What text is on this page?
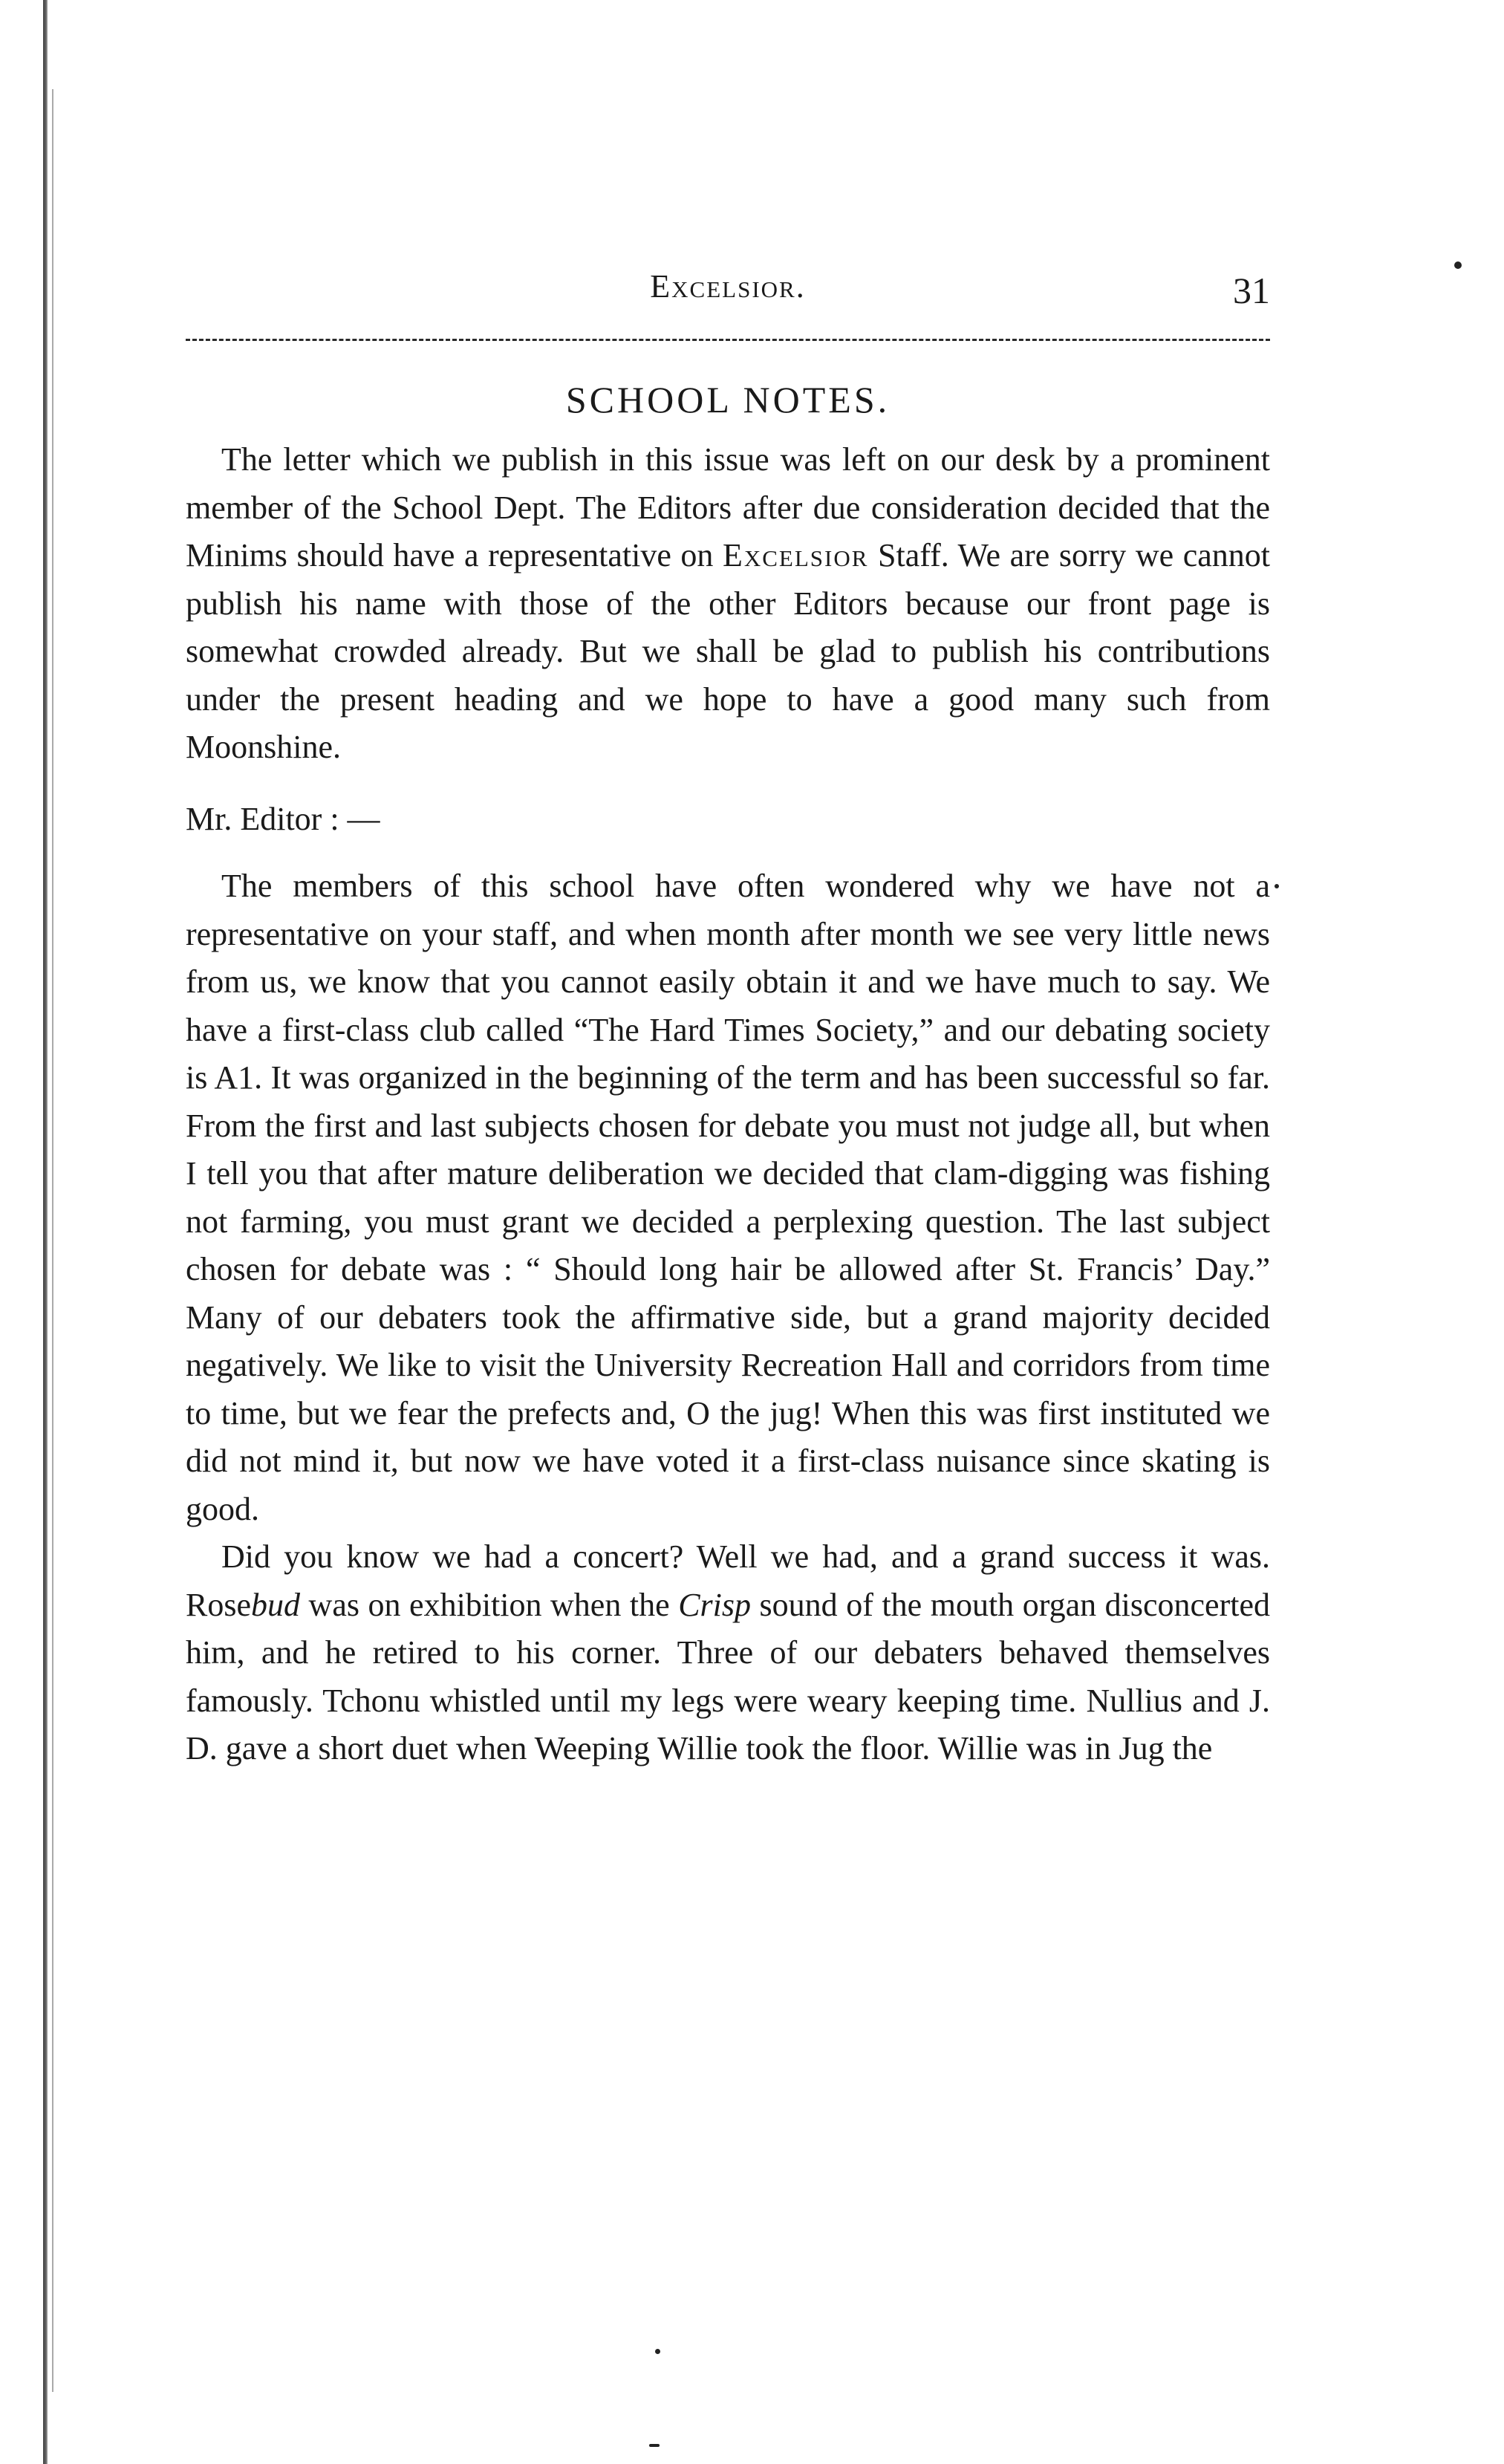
Excelsior.	31
SCHOOL NOTES.

The letter which we publish in this issue was left on our desk by a prominent member of the School Dept. The Editors after due consideration decided that the Minims should have a representative on Excelsior Staff. We are sorry we cannot publish his name with those of the other Editors because our front page is somewhat crowded already. But we shall be glad to publish his contributions under the present heading and we hope to have a good many such from Moonshine.

Mr. Editor : —

The members of this school have often wondered why we have not a representative on your staff, and when month after month we see very little news from us, we know that you cannot easily obtain it and we have much to say. We have a first-class club called “The Hard Times Society,” and our debating society is A1. It was organized in the beginning of the term and has been successful so far. From the first and last subjects chosen for debate you must not judge all, but when I tell you that after mature deliberation we decided that clam-digging was fishing not farming, you must grant we decided a perplexing question. The last subject chosen for debate was : “ Should long hair be allowed after St. Francis’ Day.” Many of our debaters took the affirmative side, but a grand majority decided negatively. We like to visit the University Recreation Hall and corridors from time to time, but we fear the prefects and, O the jug! When this was first instituted we did not mind it, but now we have voted it a first-class nuisance since skating is good.

Did you know we had a concert? Well we had, and a grand success it was. Rosebud was on exhibition when the Crisp sound of the mouth organ disconcerted him, and he retired to his corner. Three of our debaters behaved themselves famously. Tchonu whistled until my legs were weary keeping time. Nullius and J. D. gave a short duet when Weeping Willie took the floor. Willie was in Jug the
